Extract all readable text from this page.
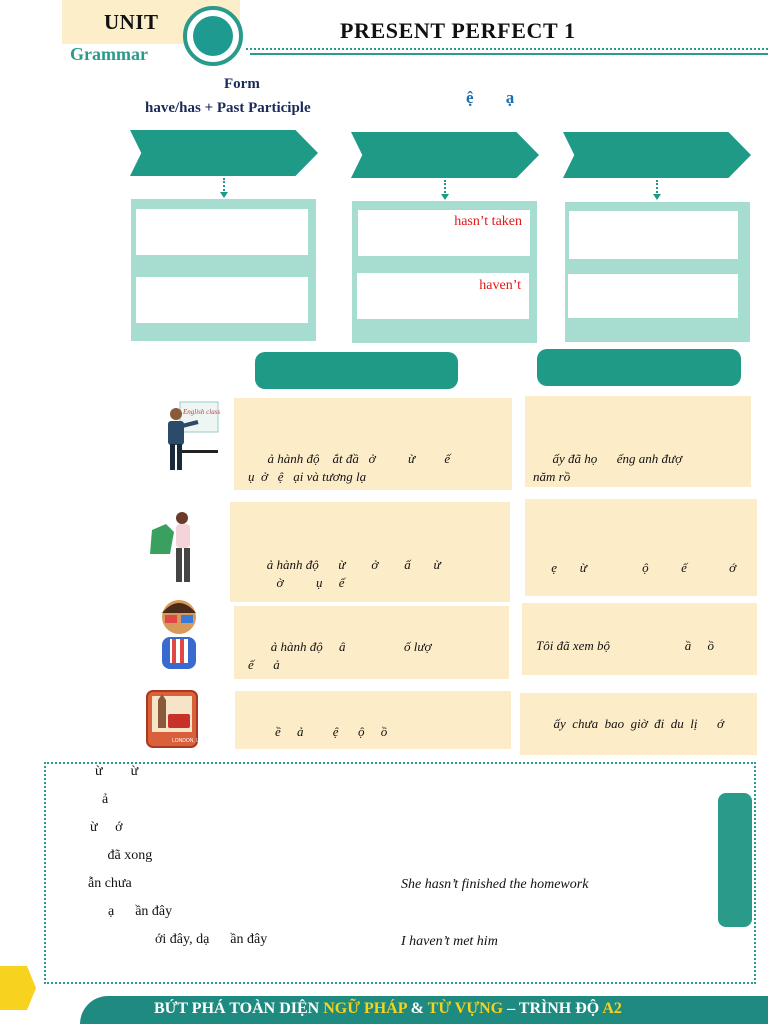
UNIT
Grammar
PRESENT PERFECT 1
Form
have/has + Past Participle
ệ ạ
hasn’t taken
haven’t
English class
ả hành độ    ắt đầ   ở          ừ         ế
ụ  ở   ệ   ại và tương lạ
ấy đã họ      ếng anh đượ
năm rồ
ả hành độ      ừ        ở        ấ       ừ
ờ          ụ     ế
ẹ       ừ                 ộ          ế             ớ
ả hành độ     â                  ố lượ
ế      ả
Tôi đã xem bộ                       ầ     ồ
LONDON, U.K.
ề     ả         ệ      ộ     ồ
ấy  chưa  bao  giờ  đi  du  lị      ớ
ừ        ừ
ả
ừ     ớ
đã xong
ẫn chưa	She hasn’t finished the homework
ạ      ần đây
ới đây, dạ      ần đây	I haven’t met him
BỨT PHÁ TOÀN DIỆN NGỮ PHÁP & TỪ VỰNG – TRÌNH ĐỘ A2
